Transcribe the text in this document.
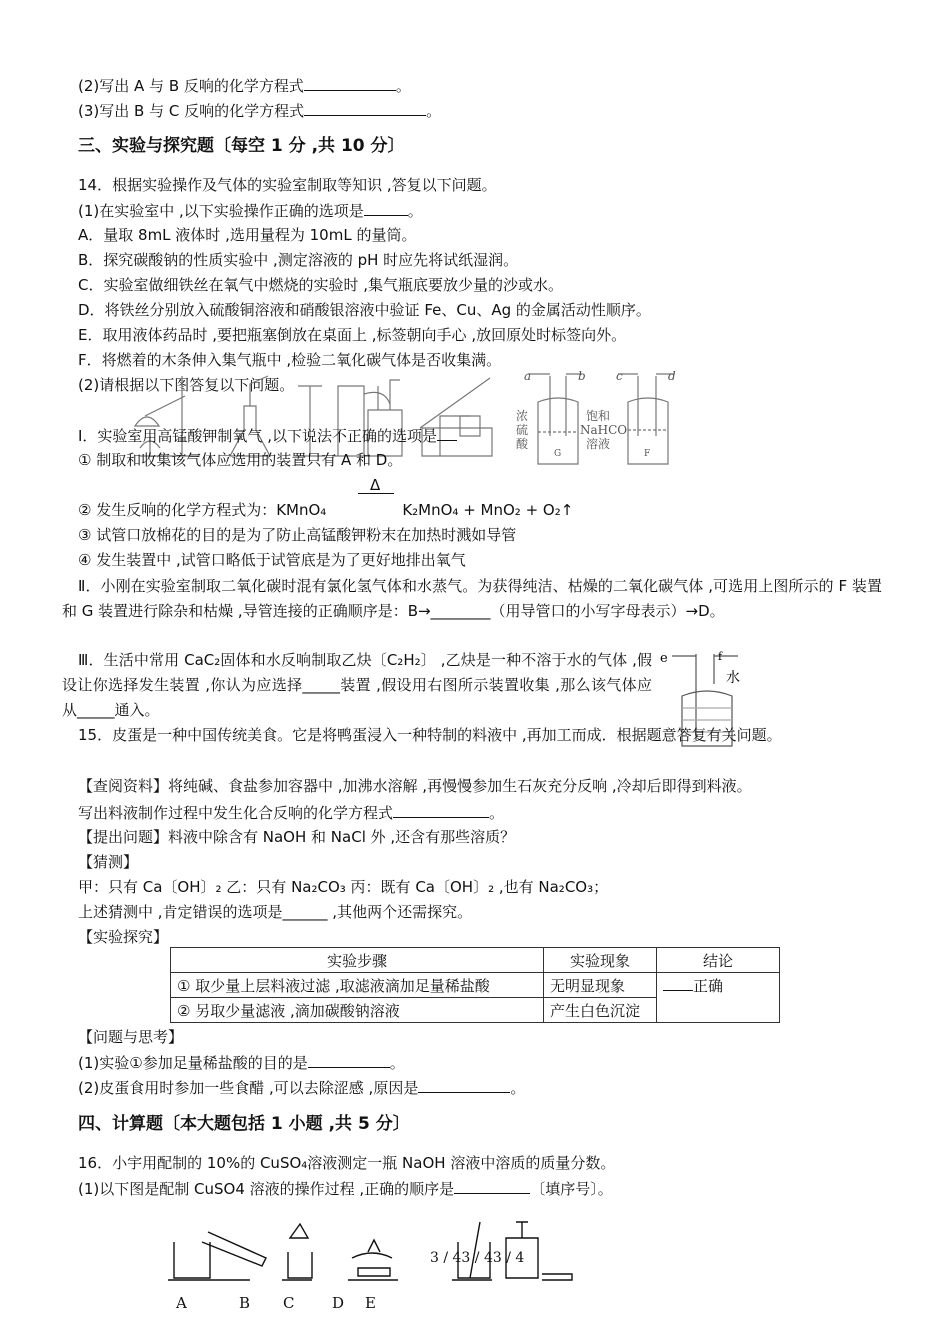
(2)写出 A 与 B 反响的化学方程式	。
(3)写出 B 与 C 反响的化学方程式	。
三、实验与探究题〔每空 1 分 ,共 10 分〕
14．根据实验操作及气体的实验室制取等知识 ,答复以下问题。
(1)在实验室中 ,以下实验操作正确的选项是	。
A．量取 8mL 液体时 ,选用量程为 10mL 的量筒。
B．探究碳酸钠的性质实验中 ,测定溶液的 pH 时应先将试纸湿润。
C．实验室做细铁丝在氧气中燃烧的实验时 ,集气瓶底要放少量的沙或水。
D．将铁丝分别放入硫酸铜溶液和硝酸银溶液中验证 Fe、Cu、Ag 的金属活动性顺序。
E．取用液体药品时 ,要把瓶塞倒放在桌面上 ,标签朝向手心 ,放回原处时标签向外。
F．将燃着的木条伸入集气瓶中 ,检验二氧化碳气体是否收集满。
(2)请根据以下图答复以下问题。
浓
硫
酸
饱和
NaHCO
溶液
a	b	c	d
G	F
Ⅰ．实验室用高锰酸钾制氧气 ,以下说法不正确的选项是
① 制取和收集该气体应选用的装置只有 A 和 D。
Δ
② 发生反响的化学方程式为：KMnO₄	K₂MnO₄ + MnO₂ + O₂↑
③ 试管口放棉花的目的是为了防止高锰酸钾粉末在加热时溅如导管
④ 发生装置中 ,试管口略低于试管底是为了更好地排出氧气
Ⅱ．小刚在实验室制取二氧化碳时混有氯化氢气体和水蒸气。为获得纯洁、枯燥的二氧化碳气体 ,可选用上图所示的 F 装置和 G 装置进行除杂和枯燥 ,导管连接的正确顺序是：B→________（用导管口的小写字母表示）→D。
Ⅲ．生活中常用 CaC₂固体和水反响制取乙炔〔C₂H₂〕 ,乙炔是一种不溶于水的气体 ,假设让你选择发生装置 ,你认为应选择_____装置 ,假设用右图所示装置收集 ,那么该气体应从_____通入。
e	f
水
15．皮蛋是一种中国传统美食。它是将鸭蛋浸入一种特制的料液中 ,再加工而成．根据题意答复有关问题。
【查阅资料】将纯碱、食盐参加容器中 ,加沸水溶解 ,再慢慢参加生石灰充分反响 ,冷却后即得到料液。
写出料液制作过程中发生化合反响的化学方程式	。
【提出问题】料液中除含有 NaOH 和 NaCl 外 ,还含有那些溶质？
【猜测】
甲：只有 Ca〔OH〕₂ 乙：只有 Na₂CO₃ 丙：既有 Ca〔OH〕₂ ,也有 Na₂CO₃；
上述猜测中 ,肯定错误的选项是______ ,其他两个还需探究。
【实验探究】
实验步骤	实验现象	结论
① 取少量上层料液过滤 ,取滤液滴加足量稀盐酸	无明显现象	正确
② 另取少量滤液 ,滴加碳酸钠溶液	产生白色沉淀	
【问题与思考】
(1)实验①参加足量稀盐酸的目的是	。
(2)皮蛋食用时参加一些食醋 ,可以去除涩感 ,原因是	。
四、计算题〔本大题包括 1 小题 ,共 5 分〕
16．小宇用配制的 10%的 CuSO₄溶液测定一瓶 NaOH 溶液中溶质的质量分数。
(1)以下图是配制 CuSO4 溶液的操作过程 ,正确的顺序是	〔填序号〕。
3 / 43 / 43 / 4
A	B C	D E
